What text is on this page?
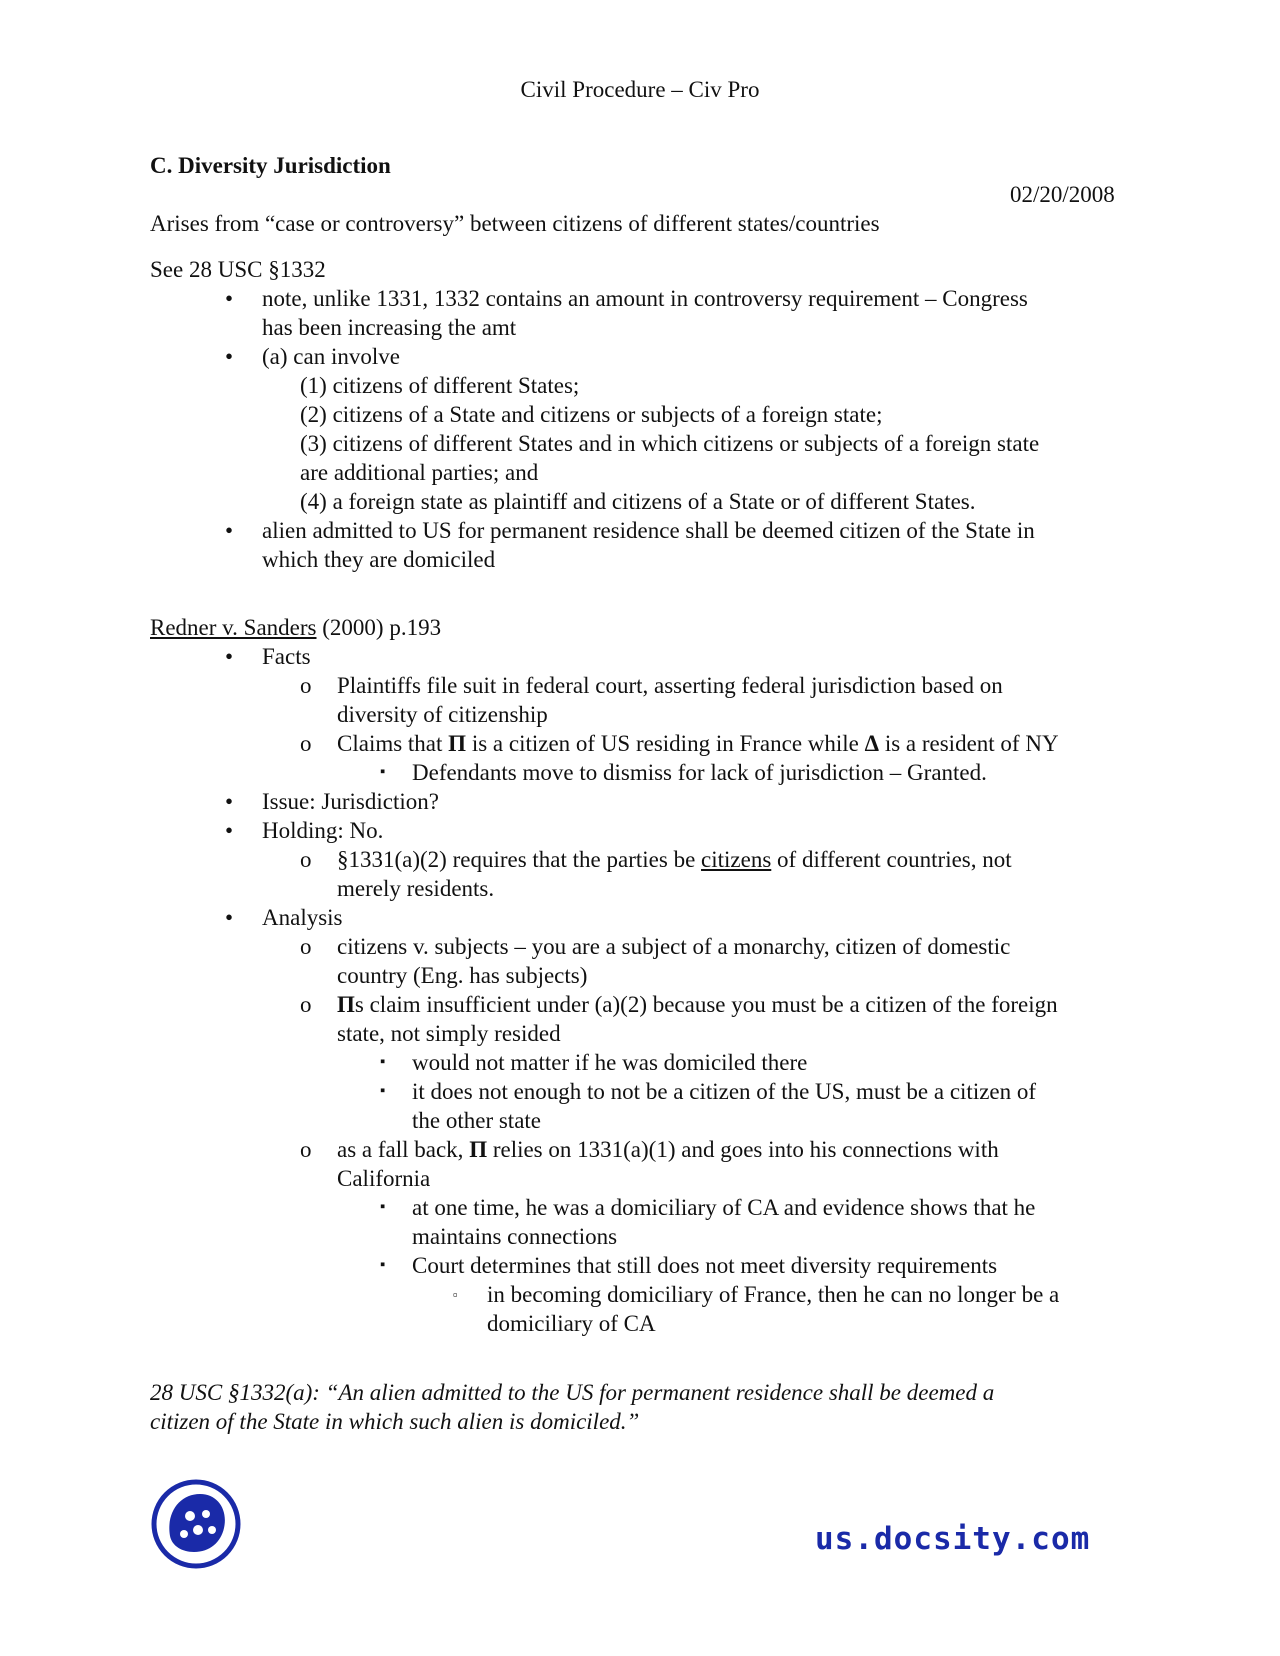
Civil Procedure – Civ Pro
C. Diversity Jurisdiction
02/20/2008
Arises from “case or controversy” between citizens of different states/countries
See 28 USC §1332
• note, unlike 1331, 1332 contains an amount in controversy requirement – Congress
has been increasing the amt
• (a) can involve
(1) citizens of different States;
(2) citizens of a State and citizens or subjects of a foreign state;
(3) citizens of different States and in which citizens or subjects of a foreign state
are additional parties; and
(4) a foreign state as plaintiff and citizens of a State or of different States.
• alien admitted to US for permanent residence shall be deemed citizen of the State in
which they are domiciled
Redner v. Sanders (2000) p.193
• Facts
o Plaintiffs file suit in federal court, asserting federal jurisdiction based on
diversity of citizenship
o Claims that Π is a citizen of US residing in France while Δ is a resident of NY
▪ Defendants move to dismiss for lack of jurisdiction – Granted.
• Issue: Jurisdiction?
• Holding: No.
o §1331(a)(2) requires that the parties be citizens of different countries, not
merely residents.
• Analysis
o citizens v. subjects – you are a subject of a monarchy, citizen of domestic
country (Eng. has subjects)
o Πs claim insufficient under (a)(2) because you must be a citizen of the foreign
state, not simply resided
▪ would not matter if he was domiciled there
▪ it does not enough to not be a citizen of the US, must be a citizen of
the other state
o as a fall back, Π relies on 1331(a)(1) and goes into his connections with
California
▪ at one time, he was a domiciliary of CA and evidence shows that he
maintains connections
▪ Court determines that still does not meet diversity requirements
▫ in becoming domiciliary of France, then he can no longer be a
domiciliary of CA
28 USC §1332(a): “An alien admitted to the US for permanent residence shall be deemed a
citizen of the State in which such alien is domiciled.”
us.docsity.com
